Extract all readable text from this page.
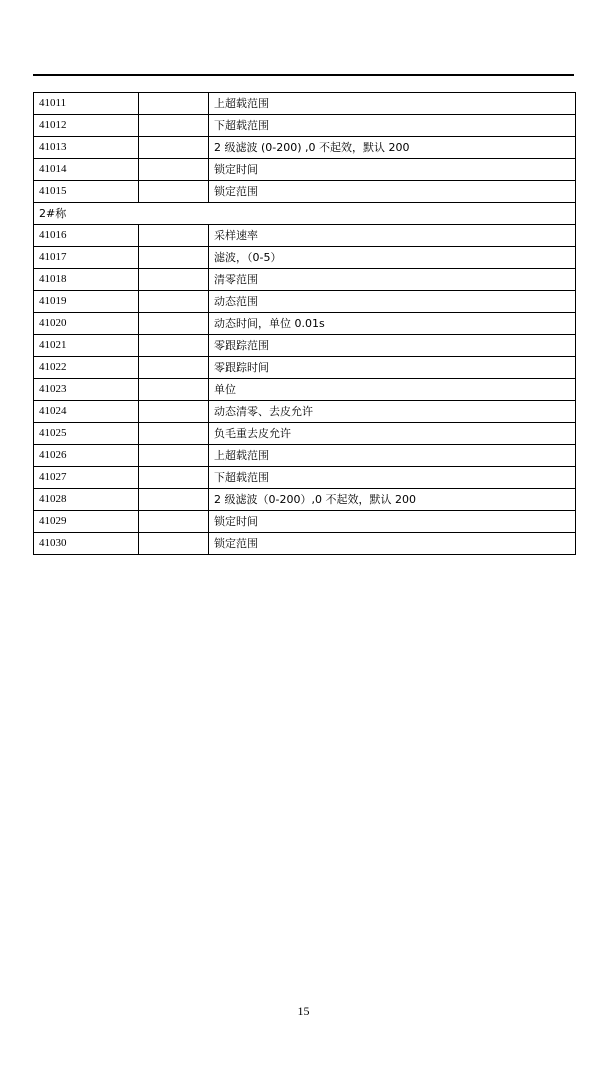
41011		上超载范围
41012		下超载范围
41013		2 级滤波 (0-200) ,0 不起效，默认 200
41014		锁定时间
41015		锁定范围
2#称		
41016		采样速率
41017		滤波，（0-5）
41018		清零范围
41019		动态范围
41020		动态时间，单位 0.01s
41021		零跟踪范围
41022		零跟踪时间
41023		单位
41024		动态清零、去皮允许
41025		负毛重去皮允许
41026		上超载范围
41027		下超载范围
41028		2 级滤波（0-200）,0 不起效，默认 200
41029		锁定时间
41030		锁定范围
15
